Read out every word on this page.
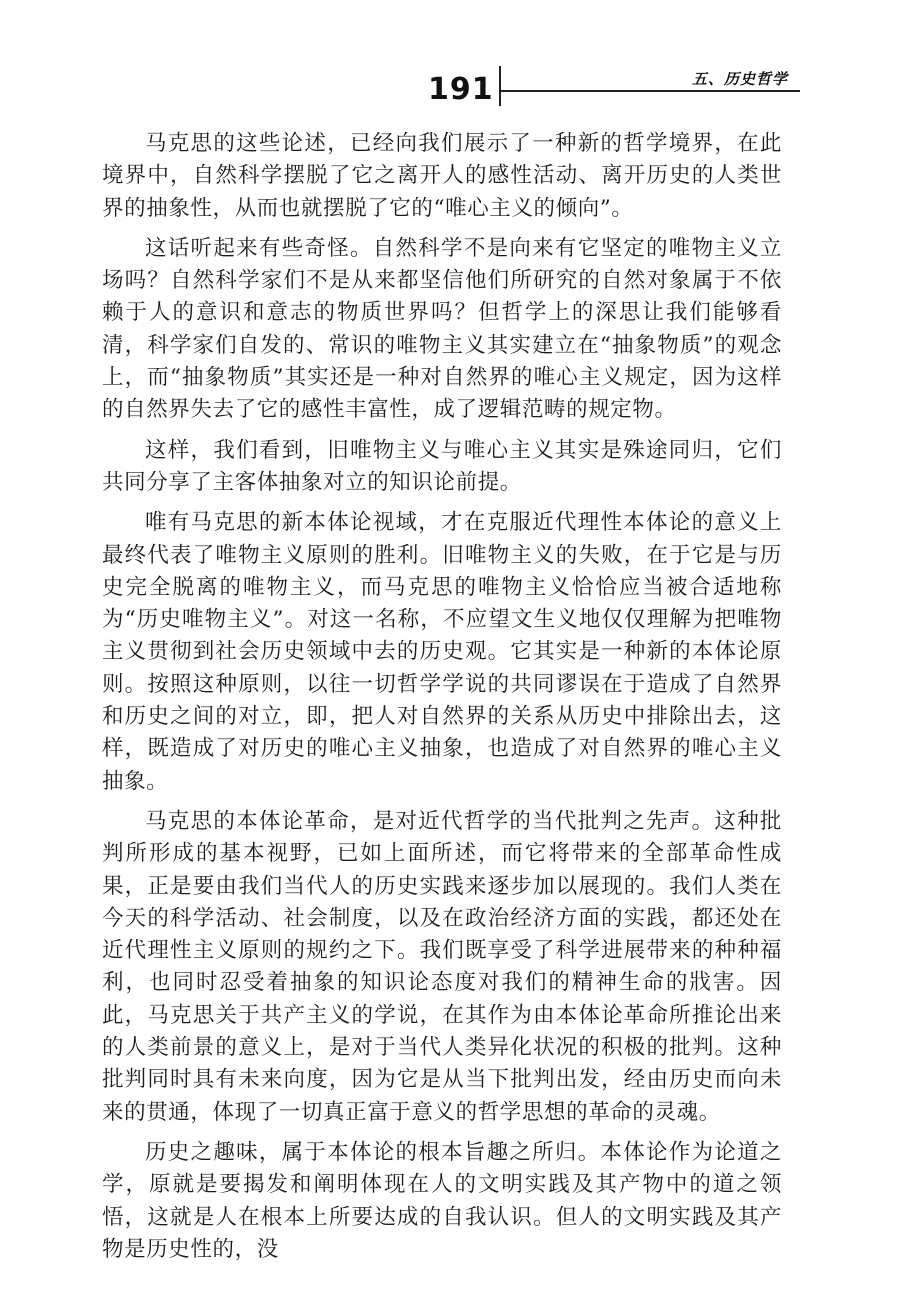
191	五、历史哲学

马克思的这些论述，已经向我们展示了一种新的哲学境界，在此境界中，自然科学摆脱了它之离开人的感性活动、离开历史的人类世界的抽象性，从而也就摆脱了它的“唯心主义的倾向”。

这话听起来有些奇怪。自然科学不是向来有它坚定的唯物主义立场吗？自然科学家们不是从来都坚信他们所研究的自然对象属于不依赖于人的意识和意志的物质世界吗？但哲学上的深思让我们能够看清，科学家们自发的、常识的唯物主义其实建立在“抽象物质”的观念上，而“抽象物质”其实还是一种对自然界的唯心主义规定，因为这样的自然界失去了它的感性丰富性，成了逻辑范畴的规定物。

这样，我们看到，旧唯物主义与唯心主义其实是殊途同归，它们共同分享了主客体抽象对立的知识论前提。

唯有马克思的新本体论视域，才在克服近代理性本体论的意义上最终代表了唯物主义原则的胜利。旧唯物主义的失败，在于它是与历史完全脱离的唯物主义，而马克思的唯物主义恰恰应当被合适地称为“历史唯物主义”。对这一名称，不应望文生义地仅仅理解为把唯物主义贯彻到社会历史领域中去的历史观。它其实是一种新的本体论原则。按照这种原则，以往一切哲学学说的共同谬误在于造成了自然界和历史之间的对立，即，把人对自然界的关系从历史中排除出去，这样，既造成了对历史的唯心主义抽象，也造成了对自然界的唯心主义抽象。

马克思的本体论革命，是对近代哲学的当代批判之先声。这种批判所形成的基本视野，已如上面所述，而它将带来的全部革命性成果，正是要由我们当代人的历史实践来逐步加以展现的。我们人类在今天的科学活动、社会制度，以及在政治经济方面的实践，都还处在近代理性主义原则的规约之下。我们既享受了科学进展带来的种种福利，也同时忍受着抽象的知识论态度对我们的精神生命的戕害。因此，马克思关于共产主义的学说，在其作为由本体论革命所推论出来的人类前景的意义上，是对于当代人类异化状况的积极的批判。这种批判同时具有未来向度，因为它是从当下批判出发，经由历史而向未来的贯通，体现了一切真正富于意义的哲学思想的革命的灵魂。

历史之趣味，属于本体论的根本旨趣之所归。本体论作为论道之学，原就是要揭发和阐明体现在人的文明实践及其产物中的道之领悟，这就是人在根本上所要达成的自我认识。但人的文明实践及其产物是历史性的，没
